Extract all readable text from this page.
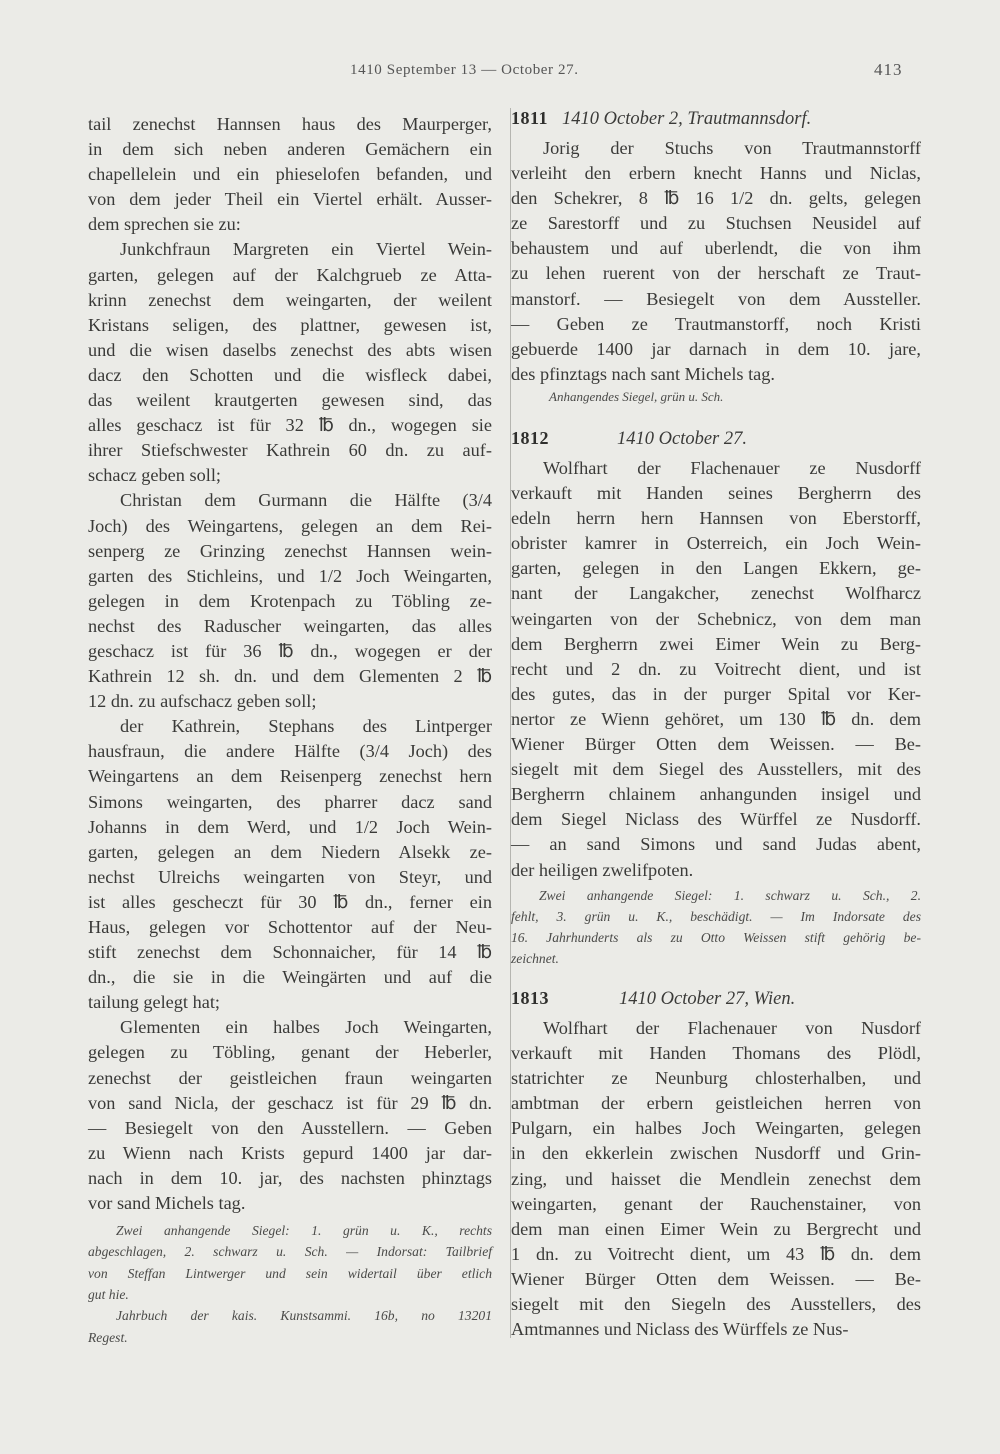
1410 September 13 — October 27.	413
tail zenechst Hannsen haus des Maurperger,
in dem sich neben anderen Gemächern ein
chapellelein und ein phieselofen befanden, und
von dem jeder Theil ein Viertel erhält. Ausser-
dem sprechen sie zu:
Junkchfraun Margreten ein Viertel Wein-
garten, gelegen auf der Kalchgrueb ze Atta-
krinn zenechst dem weingarten, der weilent
Kristans seligen, des plattner, gewesen ist,
und die wisen daselbs zenechst des abts wisen
dacz den Schotten und die wisfleck dabei,
das weilent krautgerten gewesen sind, das
alles geschacz ist für 32 ℔ dn., wogegen sie
ihrer Stiefschwester Kathrein 60 dn. zu auf-
schacz geben soll;
Christan dem Gurmann die Hälfte (3/4
Joch) des Weingartens, gelegen an dem Rei-
senperg ze Grinzing zenechst Hannsen wein-
garten des Stichleins, und 1/2 Joch Weingarten,
gelegen in dem Krotenpach zu Töbling ze-
nechst des Raduscher weingarten, das alles
geschacz ist für 36 ℔ dn., wogegen er der
Kathrein 12 sh. dn. und dem Glementen 2 ℔
12 dn. zu aufschacz geben soll;
der Kathrein, Stephans des Lintperger
hausfraun, die andere Hälfte (3/4 Joch) des
Weingartens an dem Reisenperg zenechst hern
Simons weingarten, des pharrer dacz sand
Johanns in dem Werd, und 1/2 Joch Wein-
garten, gelegen an dem Niedern Alsekk ze-
nechst Ulreichs weingarten von Steyr, und
ist alles gescheczt für 30 ℔ dn., ferner ein
Haus, gelegen vor Schottentor auf der Neu-
stift zenechst dem Schonnaicher, für 14 ℔
dn., die sie in die Weingärten und auf die
tailung gelegt hat;
Glementen ein halbes Joch Weingarten,
gelegen zu Töbling, genant der Heberler,
zenechst der geistleichen fraun weingarten
von sand Nicla, der geschacz ist für 29 ℔ dn.
— Besiegelt von den Ausstellern. — Geben
zu Wienn nach Krists gepurd 1400 jar dar-
nach in dem 10. jar, des nachsten phinztags
vor sand Michels tag.
Zwei anhangende Siegel: 1. grün u. K., rechts
abgeschlagen, 2. schwarz u. Sch. — Indorsat: Tailbrief
von Steffan Lintwerger und sein widertail über etlich
gut hie.
Jahrbuch der kais. Kunstsammi. 16b, no 13201
Regest.
1811 1410 October 2, Trautmannsdorf.
Jorig der Stuchs von Trautmannstorff
verleiht den erbern knecht Hanns und Niclas,
den Schekrer, 8 ℔ 16 1/2 dn. gelts, gelegen
ze Sarestorff und zu Stuchsen Neusidel auf
behaustem und auf uberlendt, die von ihm
zu lehen ruerent von der herschaft ze Traut-
manstorf. — Besiegelt von dem Aussteller.
— Geben ze Trautmanstorff, noch Kristi
gebuerde 1400 jar darnach in dem 10. jare,
des pfinztags nach sant Michels tag.
Anhangendes Siegel, grün u. Sch.
1812	1410 October 27.
Wolfhart der Flachenauer ze Nusdorff
verkauft mit Handen seines Bergherrn des
edeln herrn hern Hannsen von Eberstorff,
obrister kamrer in Osterreich, ein Joch Wein-
garten, gelegen in den Langen Ekkern, ge-
nant der Langakcher, zenechst Wolfharcz
weingarten von der Schebnicz, von dem man
dem Bergherrn zwei Eimer Wein zu Berg-
recht und 2 dn. zu Voitrecht dient, und ist
des gutes, das in der purger Spital vor Ker-
nertor ze Wienn gehöret, um 130 ℔ dn. dem
Wiener Bürger Otten dem Weissen. — Be-
siegelt mit dem Siegel des Ausstellers, mit des
Bergherrn chlainem anhangunden insigel und
dem Siegel Niclass des Würffel ze Nusdorff.
— an sand Simons und sand Judas abent,
der heiligen zwelifpoten.
Zwei anhangende Siegel: 1. schwarz u. Sch., 2.
fehlt, 3. grün u. K., beschädigt. — Im Indorsate des
16. Jahrhunderts als zu Otto Weissen stift gehörig be-
zeichnet.
1813	1410 October 27, Wien.
Wolfhart der Flachenauer von Nusdorf
verkauft mit Handen Thomans des Plödl,
statrichter ze Neunburg chlosterhalben, und
ambtman der erbern geistleichen herren von
Pulgarn, ein halbes Joch Weingarten, gelegen
in den ekkerlein zwischen Nusdorff und Grin-
zing, und haisset die Mendlein zenechst dem
weingarten, genant der Rauchenstainer, von
dem man einen Eimer Wein zu Bergrecht und
1 dn. zu Voitrecht dient, um 43 ℔ dn. dem
Wiener Bürger Otten dem Weissen. — Be-
siegelt mit den Siegeln des Ausstellers, des
Amtmannes und Niclass des Würffels ze Nus-
